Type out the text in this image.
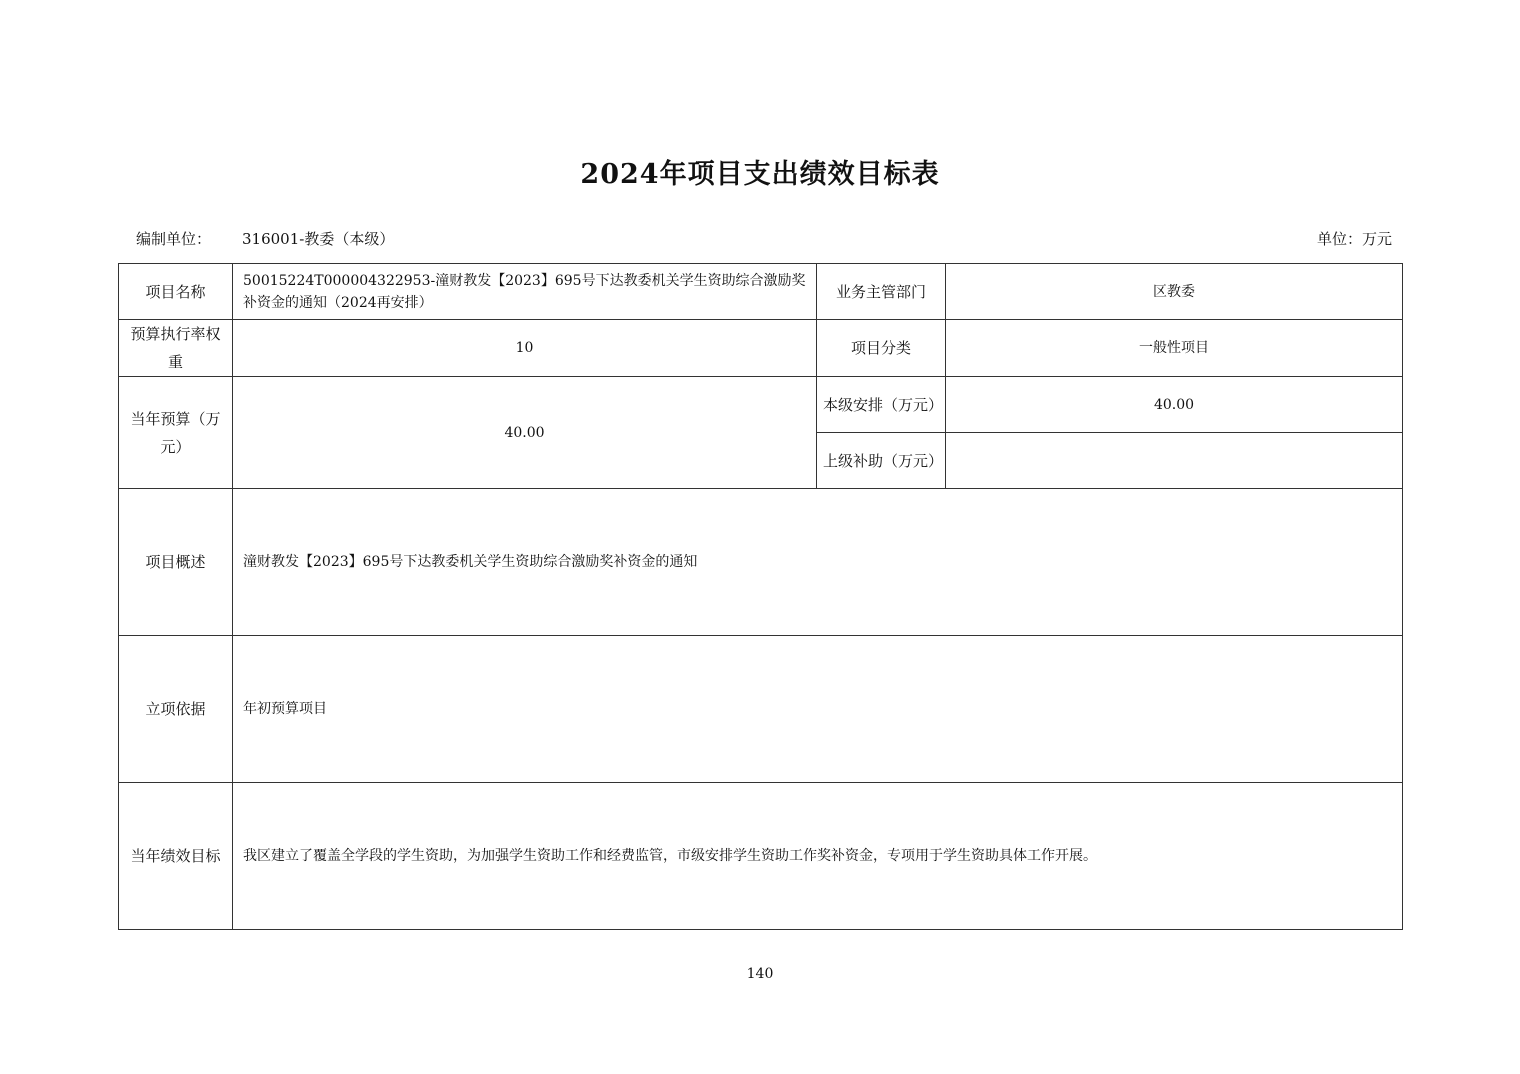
2024年项目支出绩效目标表
编制单位： 316001-教委（本级）	单位：万元
项目名称	50015224T000004322953-潼财教发【2023】695号下达教委机关学生资助综合激励奖补资金的通知（2024再安排）	业务主管部门	区教委
预算执行率权重	10	项目分类	一般性项目
当年预算（万元）	40.00	本级安排（万元）	40.00
		上级补助（万元）	
项目概述	潼财教发【2023】695号下达教委机关学生资助综合激励奖补资金的通知		
立项依据	年初预算项目		
当年绩效目标	我区建立了覆盖全学段的学生资助，为加强学生资助工作和经费监管，市级安排学生资助工作奖补资金，专项用于学生资助具体工作开展。		
140
